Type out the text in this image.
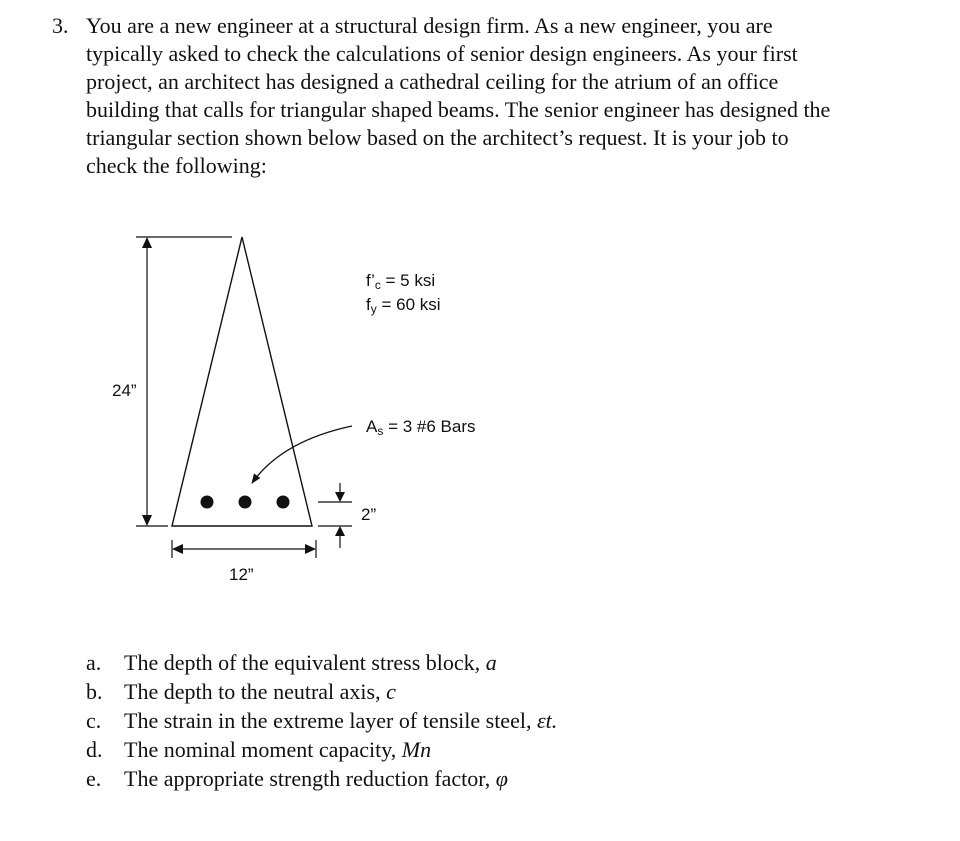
3. You are a new engineer at a structural design firm. As a new engineer, you are
typically asked to check the calculations of senior design engineers. As your first
project, an architect has designed a cathedral ceiling for the atrium of an office
building that calls for triangular shaped beams. The senior engineer has designed the
triangular section shown below based on the architect’s request. It is your job to
check the following:
24”
12”
2”
f’c = 5 ksi
fy = 60 ksi
As = 3 #6 Bars
a. The depth of the equivalent stress block, a
b. The depth to the neutral axis, c
c. The strain in the extreme layer of tensile steel, εt.
d. The nominal moment capacity, Mn
e. The appropriate strength reduction factor, φ
